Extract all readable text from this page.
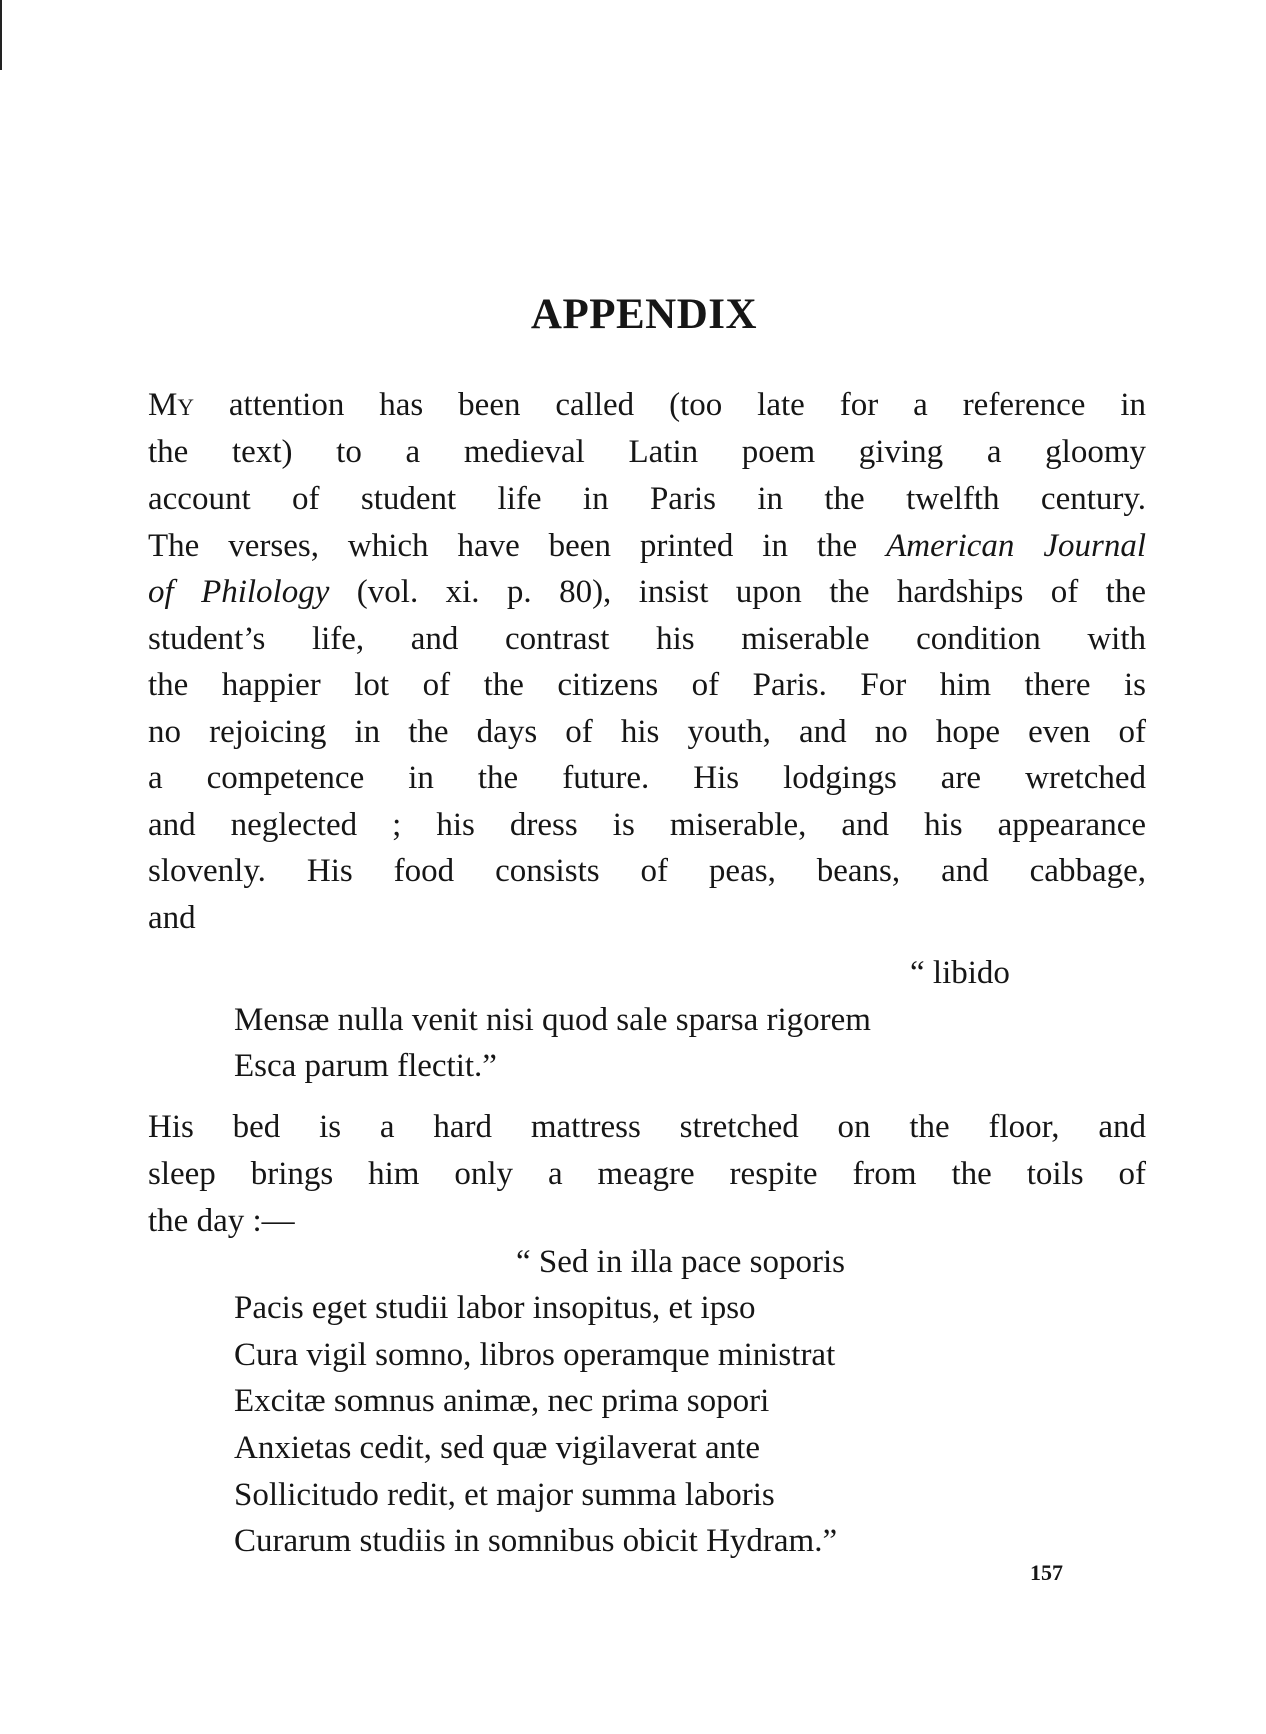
APPENDIX
My attention has been called (too late for a reference in
the text) to a medieval Latin poem giving a gloomy
account of student life in Paris in the twelfth century.
The verses, which have been printed in the American Journal
of Philology (vol. xi. p. 80), insist upon the hardships of the
student’s life, and contrast his miserable condition with
the happier lot of the citizens of Paris. For him there is
no rejoicing in the days of his youth, and no hope even of
a competence in the future. His lodgings are wretched
and neglected ; his dress is miserable, and his appearance
slovenly. His food consists of peas, beans, and cabbage,
and
“ libido
Mensæ nulla venit nisi quod sale sparsa rigorem
Esca parum flectit.”
His bed is a hard mattress stretched on the floor, and
sleep brings him only a meagre respite from the toils of
the day :—
“ Sed in illa pace soporis
Pacis eget studii labor insopitus, et ipso
Cura vigil somno, libros operamque ministrat
Excitæ somnus animæ, nec prima sopori
Anxietas cedit, sed quæ vigilaverat ante
Sollicitudo redit, et major summa laboris
Curarum studiis in somnibus obicit Hydram.”
157
